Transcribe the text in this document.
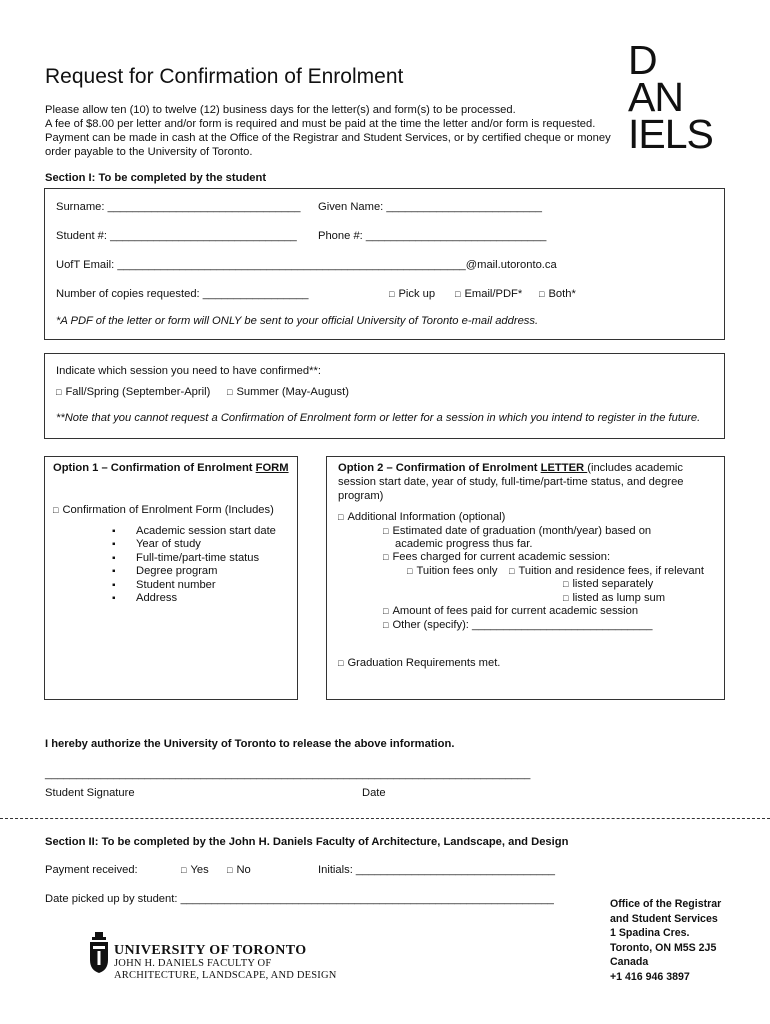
D
AN
IELS
Request for Confirmation of Enrolment
Please allow ten (10) to twelve (12) business days for the letter(s) and form(s) to be processed.
A fee of $8.00 per letter and/or form is required and must be paid at the time the letter and/or form is requested.
Payment can be made in cash at the Office of the Registrar and Student Services, or by certified cheque or money
order payable to the University of Toronto.
Section I: To be completed by the student
Surname: _______________________________ Given Name: _________________________
Student #: ______________________________ Phone #: _____________________________
UofT Email: ________________________________________________________@mail.utoronto.ca
Number of copies requested: _________________	□ Pick up □ Email/PDF* □ Both*
*A PDF of the letter or form will ONLY be sent to your official University of Toronto e-mail address.
Indicate which session you need to have confirmed**:
□ Fall/Spring (September-April) □ Summer (May-August)
**Note that you cannot request a Confirmation of Enrolment form or letter for a session in which you intend to register in the future.
Option 1 – Confirmation of Enrolment FORM
□ Confirmation of Enrolment Form (Includes)
▪ Academic session start date
▪ Year of study
▪ Full-time/part-time status
▪ Degree program
▪ Student number
▪ Address
Option 2 – Confirmation of Enrolment LETTER (includes academic
session start date, year of study, full-time/part-time status, and degree
program)
□ Additional Information (optional)
□ Estimated date of graduation (month/year) based on
academic progress thus far.
□ Fees charged for current academic session:
□ Tuition fees only □ Tuition and residence fees, if relevant
□ listed separately
□ listed as lump sum
□ Amount of fees paid for current academic session
□ Other (specify): _____________________________
□ Graduation Requirements met.
I hereby authorize the University of Toronto to release the above information.
______________________________________________________________________________
Student Signature	Date
Section II: To be completed by the John H. Daniels Faculty of Architecture, Landscape, and Design
Payment received:	□ Yes □ No	Initials: ________________________________
Date picked up by student: ____________________________________________________________
UNIVERSITY OF TORONTO
JOHN H. DANIELS FACULTY OF
ARCHITECTURE, LANDSCAPE, AND DESIGN
Office of the Registrar
and Student Services
1 Spadina Cres.
Toronto, ON M5S 2J5
Canada
+1 416 946 3897
